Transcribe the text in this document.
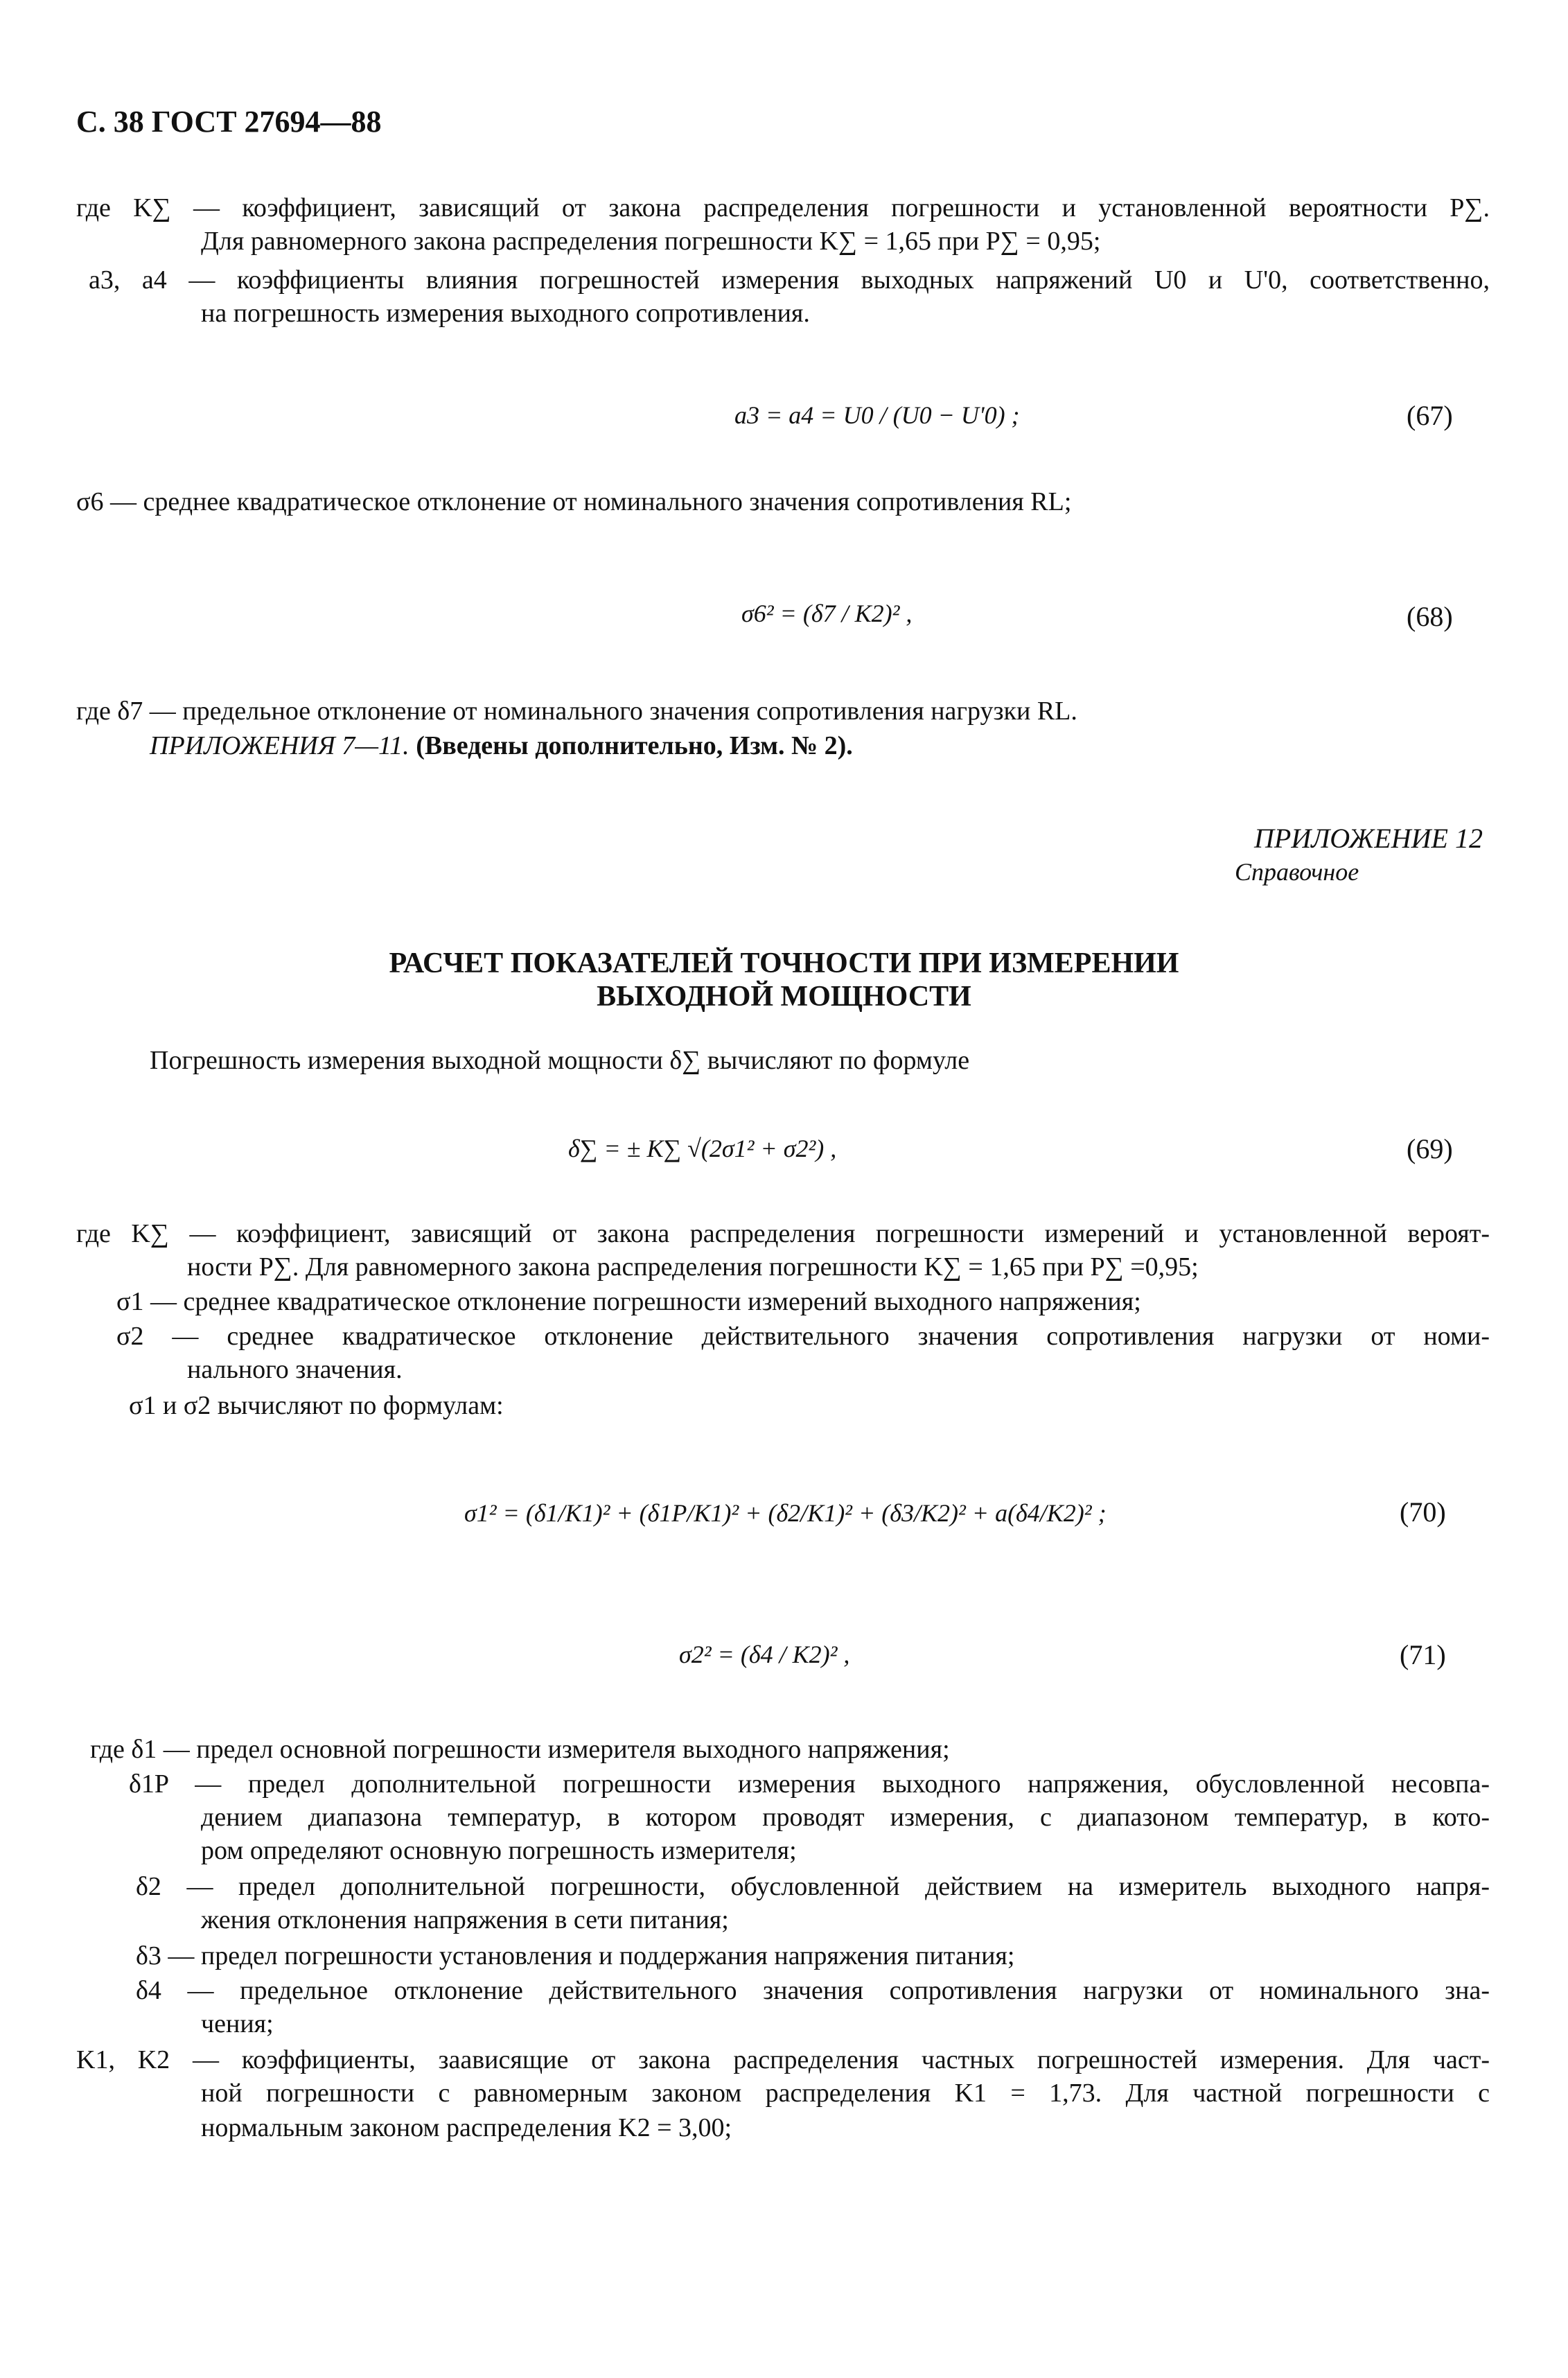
С. 38 ГОСТ 27694—88
где K∑ — коэффициент, зависящий от закона распределения погрешности и установленной вероятности P∑.
Для равномерного закона распределения погрешности K∑ = 1,65 при P∑ = 0,95;
a3, a4 — коэффициенты влияния погрешностей измерения выходных напряжений U0 и U'0, соответственно,
на погрешность измерения выходного сопротивления.
a3 = a4 = U0 / (U0 − U'0) ;	(67)
σ6 — среднее квадратическое отклонение от номинального значения сопротивления RL;
σ6² = (δ7 / K2)² ,	(68)
где δ7 — предельное отклонение от номинального значения сопротивления нагрузки RL.
ПРИЛОЖЕНИЯ 7—11. (Введены дополнительно, Изм. № 2).
ПРИЛОЖЕНИЕ 12
Справочное
РАСЧЕТ ПОКАЗАТЕЛЕЙ ТОЧНОСТИ ПРИ ИЗМЕРЕНИИ
ВЫХОДНОЙ МОЩНОСТИ
Погрешность измерения выходной мощности δ∑ вычисляют по формуле
δ∑ = ± K∑ √(2σ1² + σ2²) ,	(69)
где K∑ — коэффициент, зависящий от закона распределения погрешности измерений и установленной вероят-
ности P∑. Для равномерного закона распределения погрешности K∑ = 1,65 при P∑ =0,95;
σ1 — среднее квадратическое отклонение погрешности измерений выходного напряжения;
σ2 — среднее квадратическое отклонение действительного значения сопротивления нагрузки от номи-
нального значения.
σ1 и σ2 вычисляют по формулам:
σ1² = (δ1/K1)² + (δ1P/K1)² + (δ2/K1)² + (δ3/K2)² + a(δ4/K2)² ;	(70)
σ2² = (δ4 / K2)² ,	(71)
где δ1 — предел основной погрешности измерителя выходного напряжения;
δ1P — предел дополнительной погрешности измерения выходного напряжения, обусловленной несовпа-
дением диапазона температур, в котором проводят измерения, с диапазоном температур, в кото-
ром определяют основную погрешность измерителя;
δ2 — предел дополнительной погрешности, обусловленной действием на измеритель выходного напря-
жения отклонения напряжения в сети питания;
δ3 — предел погрешности установления и поддержания напряжения питания;
δ4 — предельное отклонение действительного значения сопротивления нагрузки от номинального зна-
чения;
K1, K2 — коэффициенты, заависящие от закона распределения частных погрешностей измерения. Для част-
ной погрешности с равномерным законом распределения K1 = 1,73. Для частной погрешности с
нормальным законом распределения K2 = 3,00;
